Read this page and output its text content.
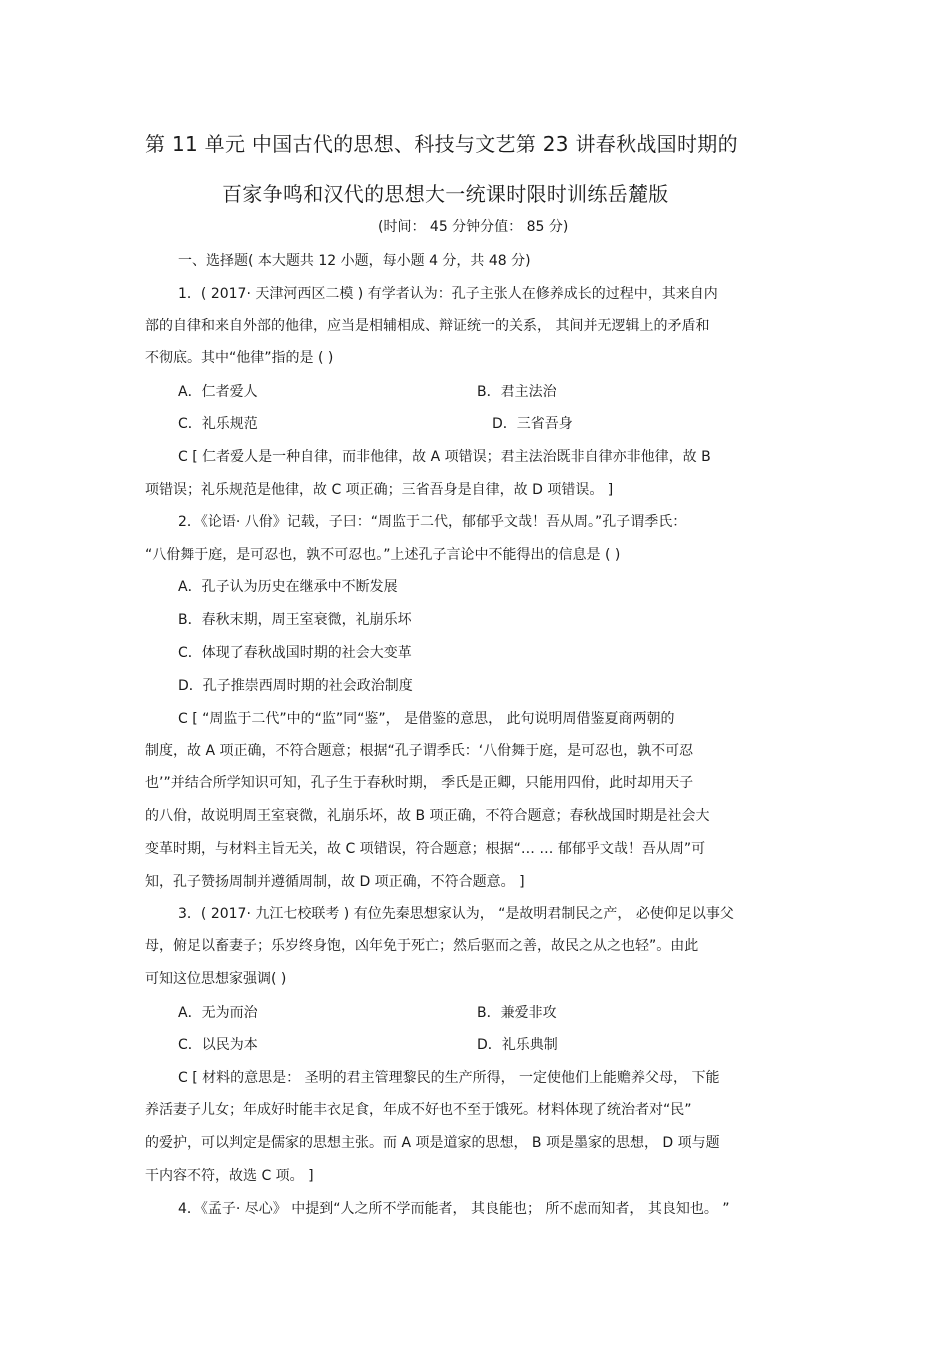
第 11 单元 中国古代的思想、科技与文艺第 23 讲春秋战国时期的
百家争鸣和汉代的思想大一统课时限时训练岳麓版
(时间： 45 分钟分值： 85 分)
一、选择题( 本大题共 12 小题，每小题 4 分，共 48 分)
1．( 2017· 天津河西区二模 ) 有学者认为：孔子主张人在修养成长的过程中，其来自内
部的自律和来自外部的他律，应当是相辅相成、辩证统一的关系， 其间并无逻辑上的矛盾和
不彻底。其中“他律”指的是 ( )
A．仁者爱人	B．君主法治
C．礼乐规范	D．三省吾身
C [ 仁者爱人是一种自律，而非他律，故 A 项错误；君主法治既非自律亦非他律，故 B
项错误；礼乐规范是他律，故 C 项正确；三省吾身是自律，故 D 项错误。 ]
2．《论语· 八佾》记载，子曰：“周监于二代，郁郁乎文哉！吾从周。”孔子谓季氏：
“八佾舞于庭，是可忍也，孰不可忍也。”上述孔子言论中不能得出的信息是 ( )
A．孔子认为历史在继承中不断发展
B．春秋末期，周王室衰微，礼崩乐坏
C．体现了春秋战国时期的社会大变革
D．孔子推崇西周时期的社会政治制度
C [ “周监于二代”中的“监”同“鉴”， 是借鉴的意思， 此句说明周借鉴夏商两朝的
制度，故 A 项正确，不符合题意；根据“孔子谓季氏：‘八佾舞于庭，是可忍也，孰不可忍
也’”并结合所学知识可知，孔子生于春秋时期， 季氏是正卿，只能用四佾，此时却用天子
的八佾，故说明周王室衰微，礼崩乐坏，故 B 项正确，不符合题意；春秋战国时期是社会大
变革时期，与材料主旨无关，故 C 项错误，符合题意；根据“… … 郁郁乎文哉！吾从周”可
知，孔子赞扬周制并遵循周制，故 D 项正确，不符合题意。 ]
3．( 2017· 九江七校联考 ) 有位先秦思想家认为， “是故明君制民之产， 必使仰足以事父
母，俯足以畜妻子；乐岁终身饱，凶年免于死亡；然后驱而之善，故民之从之也轻”。由此
可知这位思想家强调( )
A．无为而治	B．兼爱非攻
C．以民为本	D．礼乐典制
C [ 材料的意思是： 圣明的君主管理黎民的生产所得， 一定使他们上能赡养父母， 下能
养活妻子儿女；年成好时能丰衣足食，年成不好也不至于饿死。材料体现了统治者对“民”
的爱护，可以判定是儒家的思想主张。而 A 项是道家的思想， B 项是墨家的思想， D 项与题
干内容不符，故选 C 项。 ]
4．《孟子· 尽心》 中提到“人之所不学而能者， 其良能也； 所不虑而知者， 其良知也。 ”
